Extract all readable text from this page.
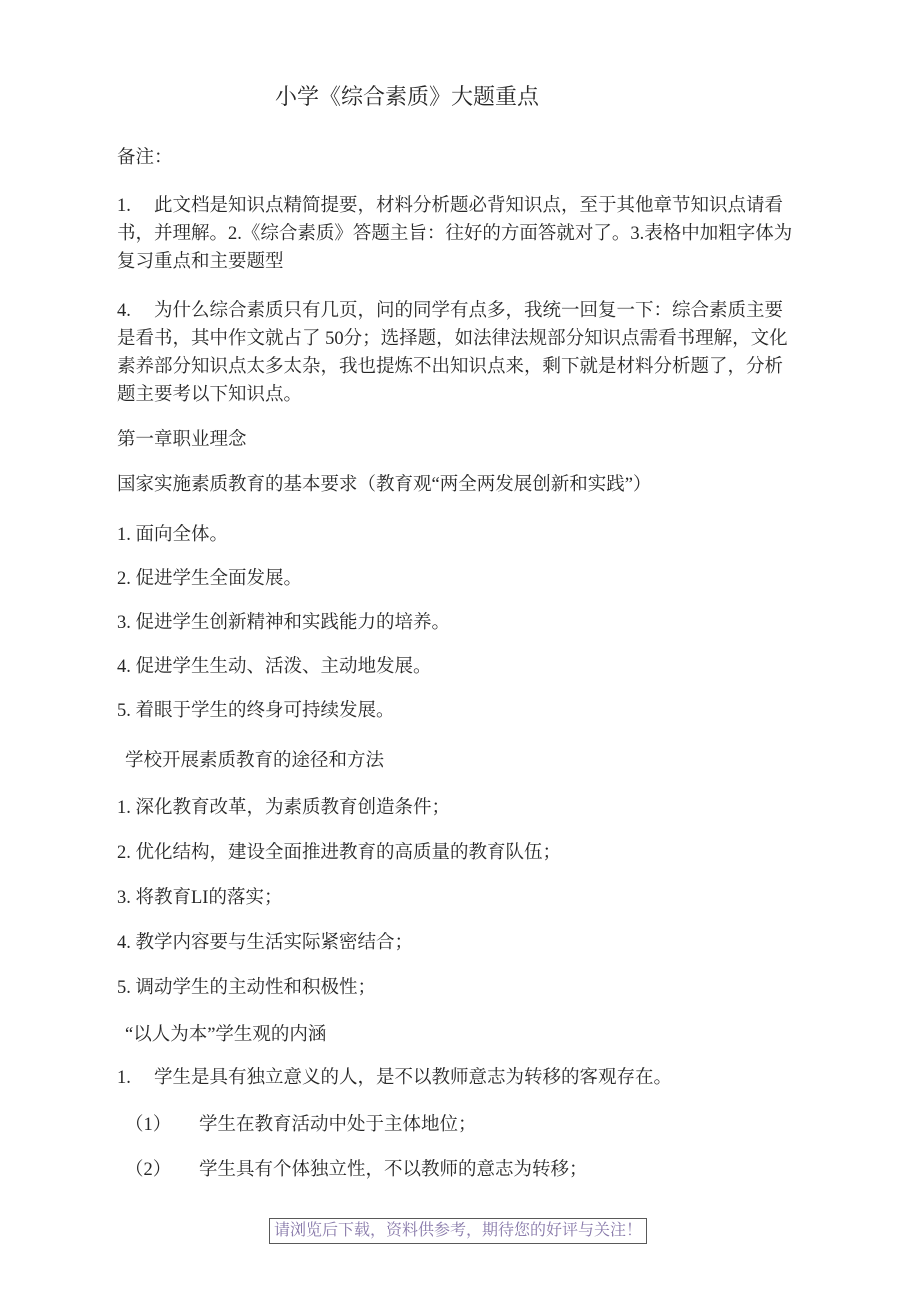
小学《综合素质》大题重点

备注：

1.　 此文档是知识点精简提要，材料分析题必背知识点，至于其他章节知识点请看书，并理解。2.《综合素质》答题主旨：往好的方面答就对了。3.表格中加粗字体为复习重点和主要题型

4.　 为什么综合素质只有几页，问的同学有点多，我统一回复一下：综合素质主要是看书，其中作文就占了 50分；选择题，如法律法规部分知识点需看书理解，文化素养部分知识点太多太杂，我也提炼不出知识点来，剩下就是材料分析题了，分析题主要考以下知识点。

第一章职业理念

国家实施素质教育的基本要求（教育观“两全两发展创新和实践”）

1. 面向全体。

2. 促进学生全面发展。

3. 促进学生创新精神和实践能力的培养。

4. 促进学生生动、活泼、主动地发展。

5. 着眼于学生的终身可持续发展。

学校开展素质教育的途径和方法

1. 深化教育改革，为素质教育创造条件；

2. 优化结构，建设全面推进教育的高质量的教育队伍；

3. 将教育LI的落实；

4. 教学内容要与生活实际紧密结合；

5. 调动学生的主动性和积极性；

“以人为本”学生观的内涵

1.　 学生是具有独立意义的人，是不以教师意志为转移的客观存在。

（1）　　学生在教育活动中处于主体地位；

（2）　　学生具有个体独立性，不以教师的意志为转移；

请浏览后下载，资料供参考，期待您的好评与关注！
